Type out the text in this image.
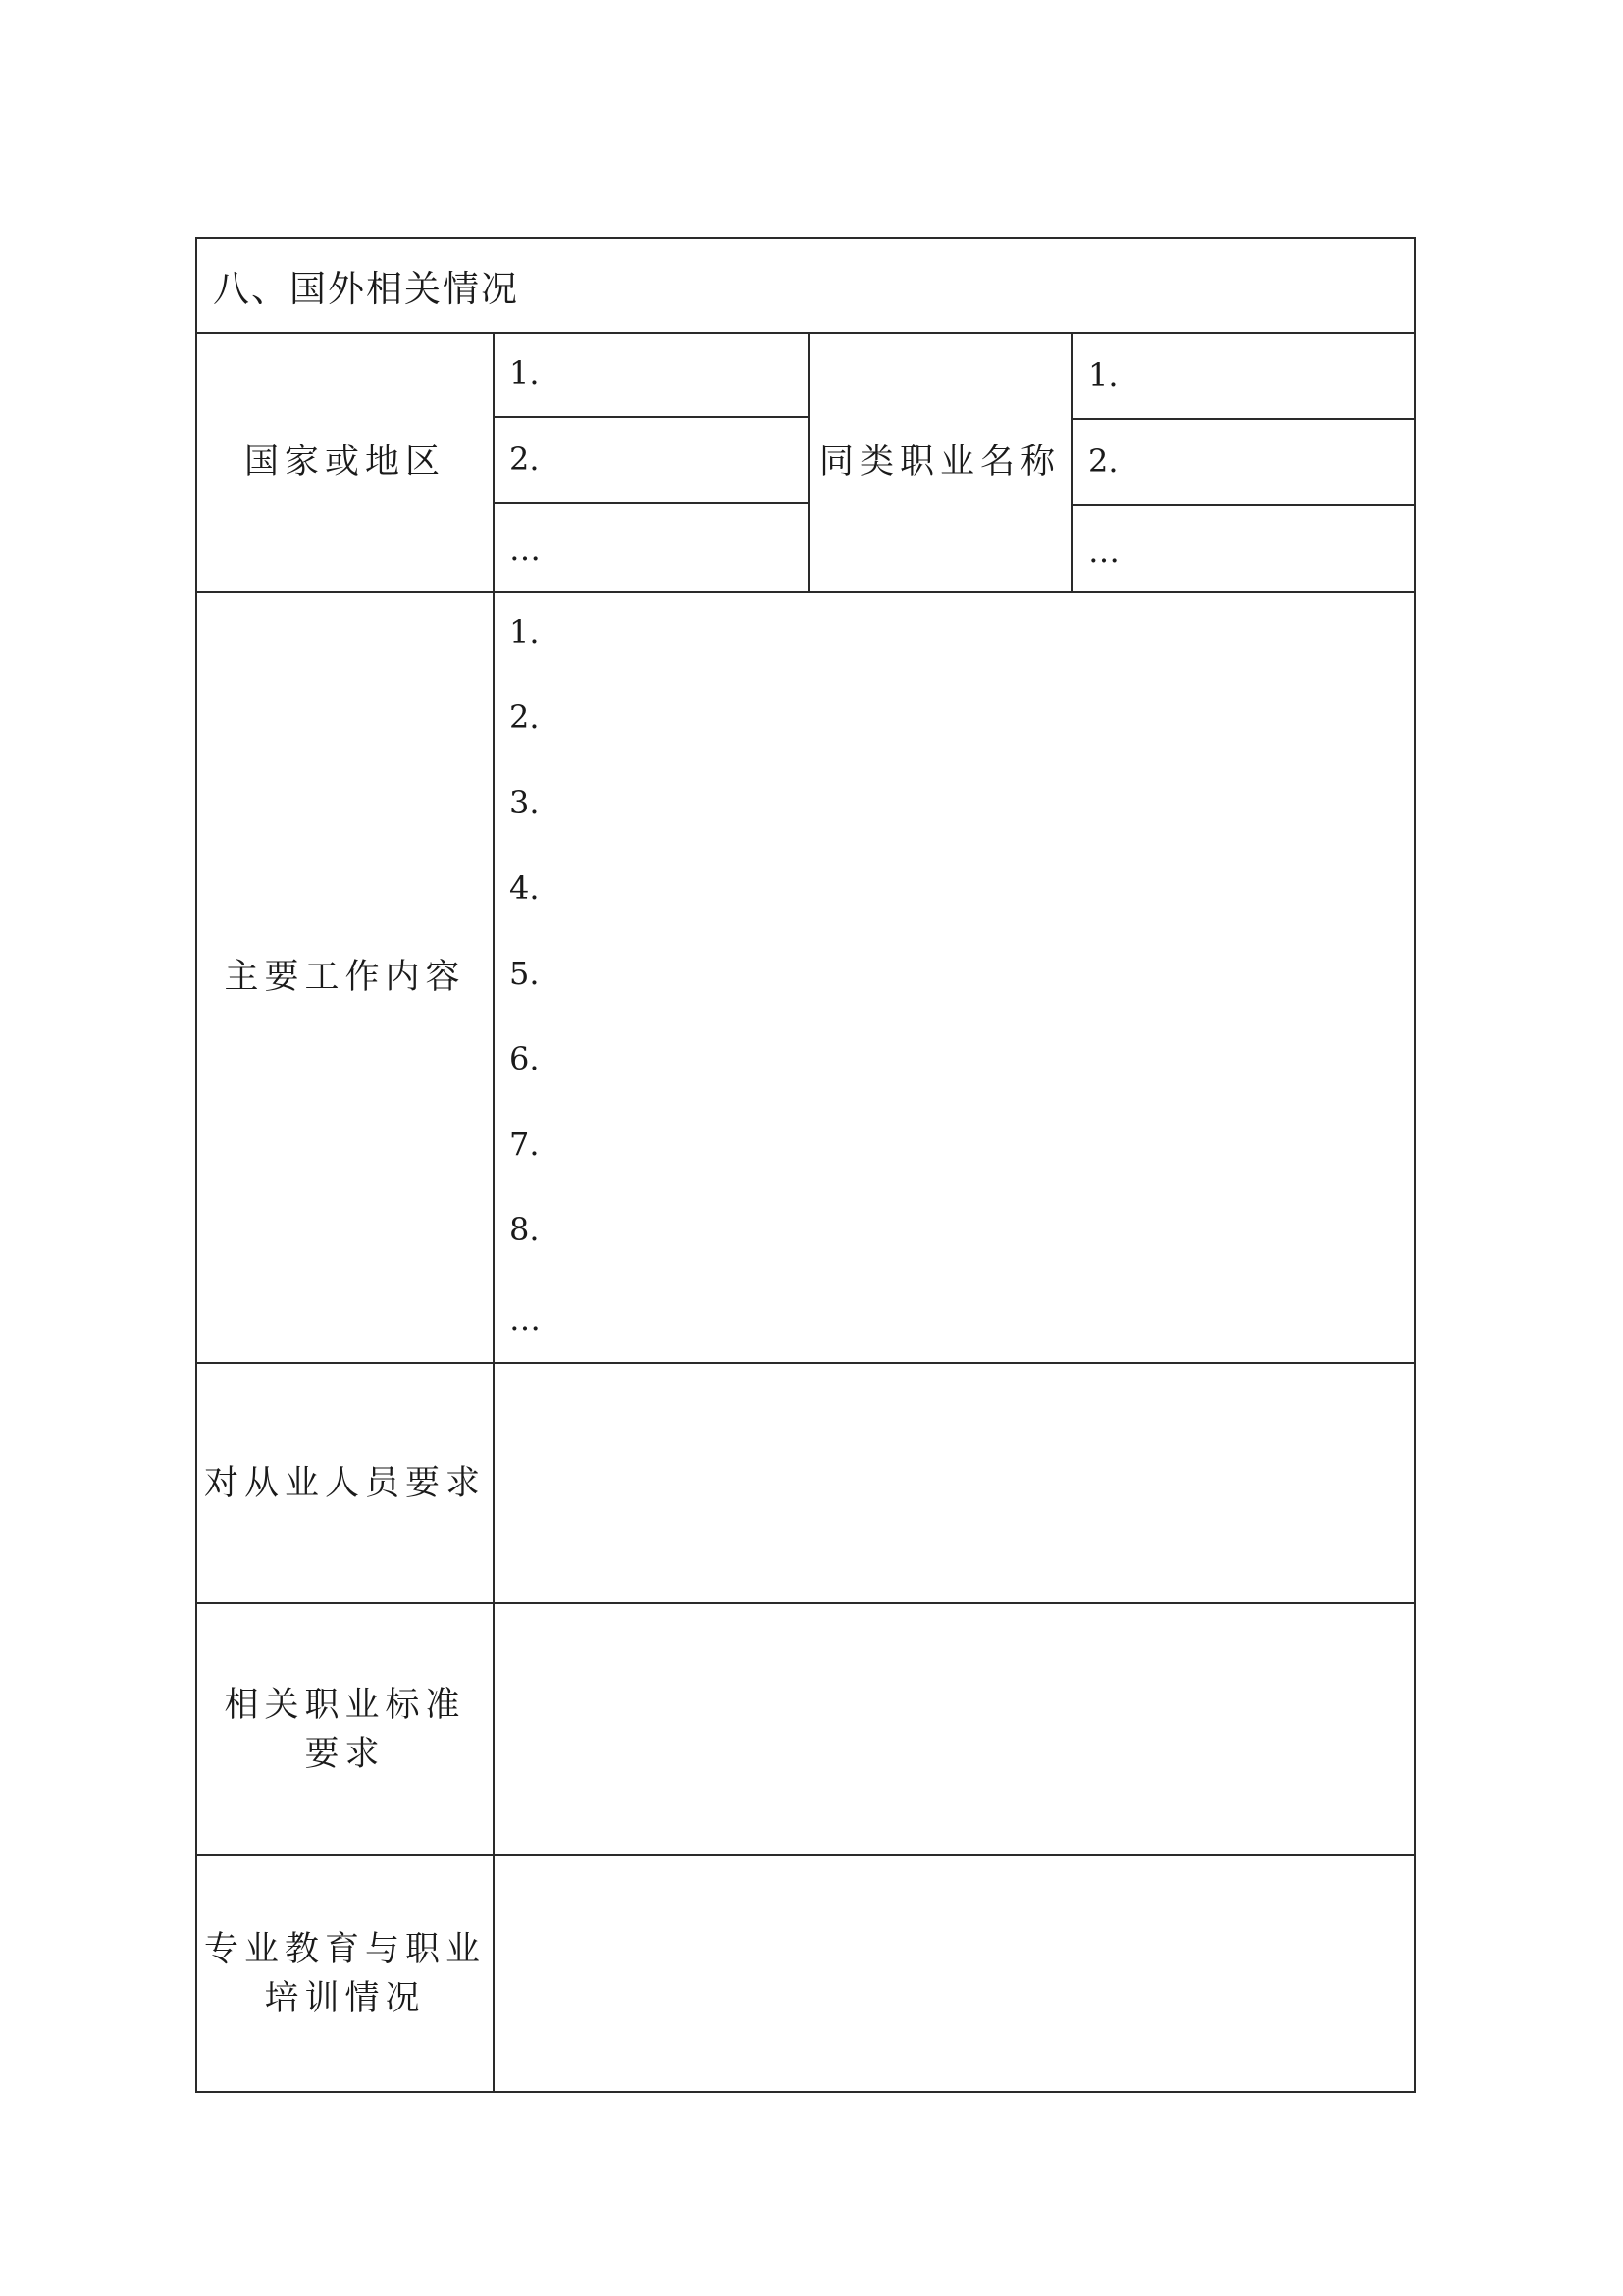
八、国外相关情况
国家或地区
1.
2.
…
同类职业名称
1.
2.
…
主要工作内容
1.
2.
3.
4.
5.
6.
7.
8.
…
对从业人员要求
相关职业标准
要求
专业教育与职业
培训情况
